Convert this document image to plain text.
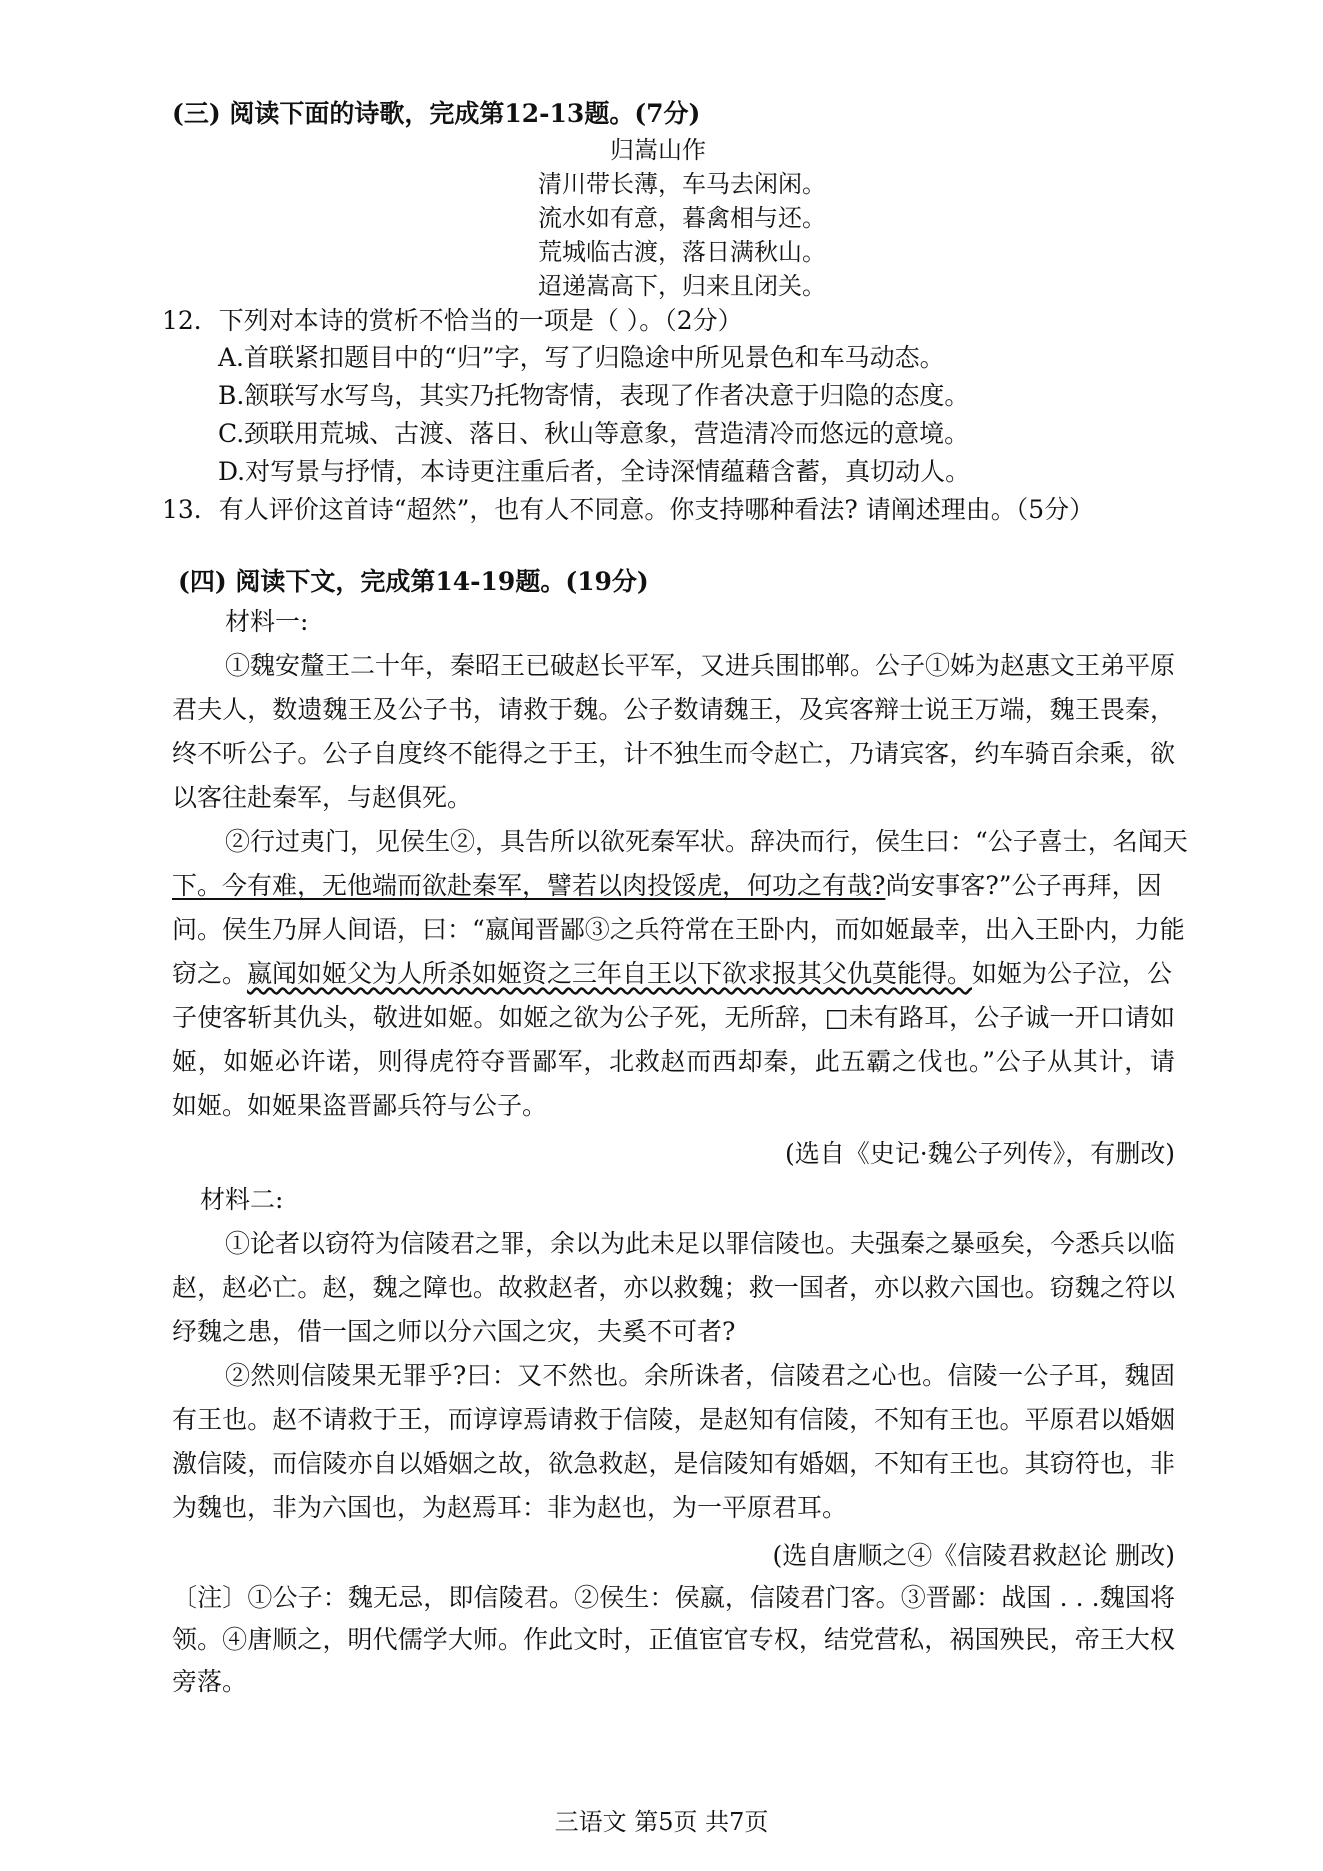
(三) 阅读下面的诗歌，完成第12-13题。(7分)
归嵩山作
清川带长薄，车马去闲闲。
流水如有意，暮禽相与还。
荒城临古渡，落日满秋山。
迢递嵩高下，归来且闭关。
12．下列对本诗的赏析不恰当的一项是（ ）。（2分）
A.首联紧扣题目中的“归”字，写了归隐途中所见景色和车马动态。
B.颔联写水写鸟，其实乃托物寄情，表现了作者决意于归隐的态度。
C.颈联用荒城、古渡、落日、秋山等意象，营造清冷而悠远的意境。
D.对写景与抒情，本诗更注重后者，全诗深情蕴藉含蓄，真切动人。
13．有人评价这首诗“超然”，也有人不同意。你支持哪种看法? 请阐述理由。（5分）
(四) 阅读下文，完成第14-19题。(19分)
材料一:
①魏安釐王二十年，秦昭王已破赵长平军，又进兵围邯郸。公子①姊为赵惠文王弟平原
君夫人，数遗魏王及公子书，请救于魏。公子数请魏王，及宾客辩士说王万端，魏王畏秦，
终不听公子。公子自度终不能得之于王，计不独生而令赵亡，乃请宾客，约车骑百余乘，欲
以客往赴秦军，与赵俱死。
②行过夷门，见侯生②，具告所以欲死秦军状。辞决而行，侯生曰：“公子喜士，名闻天
下。今有难，无他端而欲赴秦军，譬若以肉投馁虎，何功之有哉?尚安事客?”公子再拜，因
问。侯生乃屏人间语，曰：“嬴闻晋鄙③之兵符常在王卧内，而如姬最幸，出入王卧内，力能
窃之。嬴闻如姬父为人所杀如姬资之三年自王以下欲求报其父仇莫能得。如姬为公子泣，公
子使客斩其仇头，敬进如姬。如姬之欲为公子死，无所辞，□未有路耳，公子诚一开口请如
姬，如姬必许诺，则得虎符夺晋鄙军，北救赵而西却秦，此五霸之伐也。”公子从其计，请
如姬。如姬果盗晋鄙兵符与公子。
(选自《史记·魏公子列传》，有删改)
材料二:
①论者以窃符为信陵君之罪，余以为此未足以罪信陵也。夫强秦之暴亟矣，今悉兵以临
赵，赵必亡。赵，魏之障也。故救赵者，亦以救魏；救一国者，亦以救六国也。窃魏之符以
纾魏之患，借一国之师以分六国之灾，夫奚不可者?
②然则信陵果无罪乎?曰：又不然也。余所诛者，信陵君之心也。信陵一公子耳，魏固
有王也。赵不请救于王，而谆谆焉请救于信陵，是赵知有信陵，不知有王也。平原君以婚姻
激信陵，而信陵亦自以婚姻之故，欲急救赵，是信陵知有婚姻，不知有王也。其窃符也，非
为魏也，非为六国也，为赵焉耳：非为赵也，为一平原君耳。
(选自唐顺之④《信陵君救赵论 删改)
〔注〕①公子：魏无忌，即信陵君。②侯生：侯嬴，信陵君门客。③晋鄙：战国 . . .魏国将
领。④唐顺之，明代儒学大师。作此文时，正值宦官专权，结党营私，祸国殃民，帝王大权
旁落。
三语文 第5页 共7页
